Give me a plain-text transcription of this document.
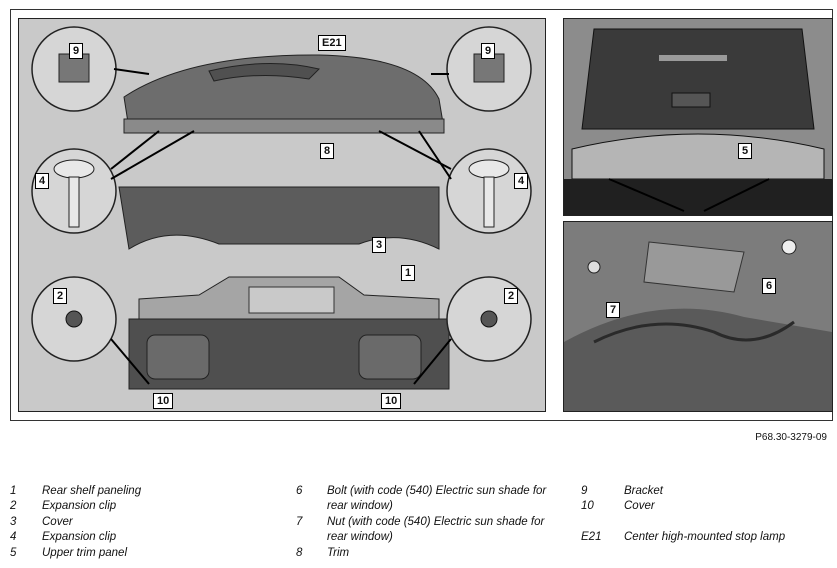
9
E21
9
4
8
4
3
1
2	2
10	10
5
7
6
P68.30-3279-09
1 Rear shelf paneling
2 Expansion clip
3 Cover
4 Expansion clip
5 Upper trim panel
6 Bolt (with code (540) Electric sun shade for rear window)
7 Nut (with code (540) Electric sun shade for rear window)
8 Trim
9	Bracket
10	Cover
E21 Center high-mounted stop lamp
